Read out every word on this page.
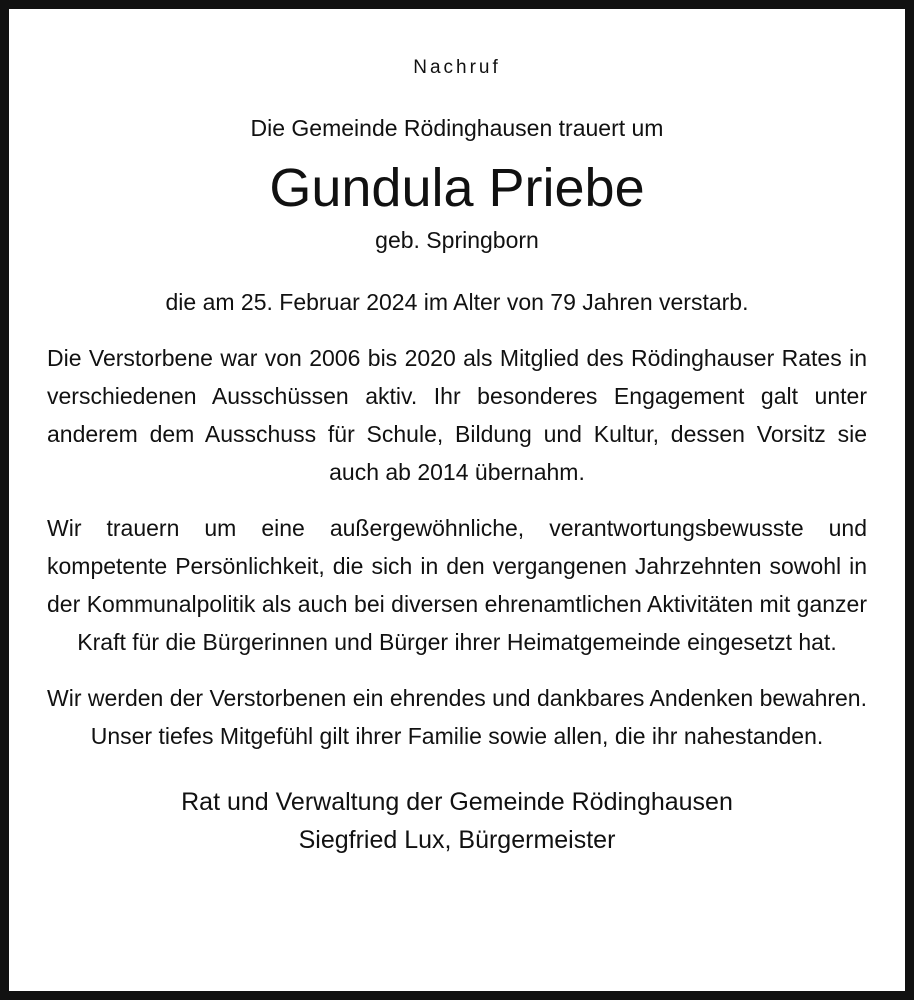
Nachruf

Die Gemeinde Rödinghausen trauert um

Gundula Priebe

geb. Springborn

die am 25. Februar 2024 im Alter von 79 Jahren verstarb.

Die Verstorbene war von 2006 bis 2020 als Mitglied des Rödinghauser Rates in verschiedenen Ausschüssen aktiv. Ihr besonderes Engagement galt unter anderem dem Ausschuss für Schule, Bildung und Kultur, dessen Vorsitz sie auch ab 2014 übernahm.

Wir trauern um eine außergewöhnliche, verantwortungsbewusste und kompetente Persönlichkeit, die sich in den vergangenen Jahrzehnten sowohl in der Kommunalpolitik als auch bei diversen ehrenamtlichen Aktivitäten mit ganzer Kraft für die Bürgerinnen und Bürger ihrer Heimatgemeinde eingesetzt hat.

Wir werden der Verstorbenen ein ehrendes und dankbares Andenken bewahren. Unser tiefes Mitgefühl gilt ihrer Familie sowie allen, die ihr nahestanden.

Rat und Verwaltung der Gemeinde Rödinghausen
Siegfried Lux, Bürgermeister
